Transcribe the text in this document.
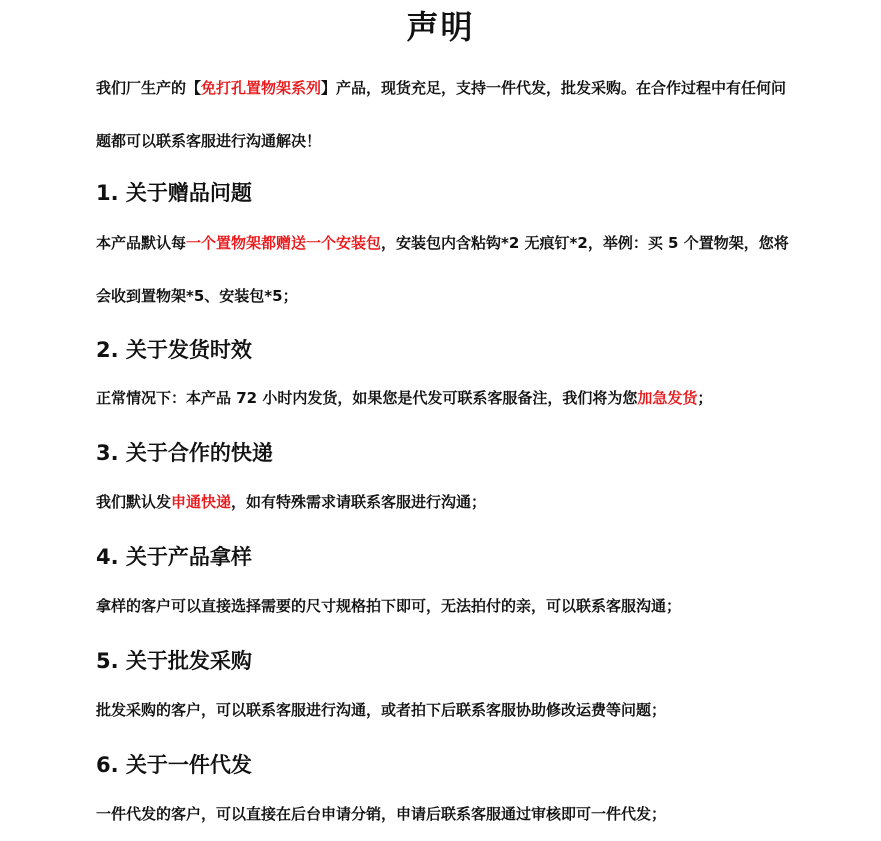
声明

我们厂生产的【免打孔置物架系列】产品，现货充足，支持一件代发，批发采购。在合作过程中有任何问题都可以联系客服进行沟通解决！

1. 关于赠品问题

本产品默认每一个置物架都赠送一个安装包，安装包内含粘钩*2 无痕钉*2，举例：买 5 个置物架，您将会收到置物架*5、安装包*5；

2. 关于发货时效

正常情况下：本产品 72 小时内发货，如果您是代发可联系客服备注，我们将为您加急发货；

3. 关于合作的快递

我们默认发申通快递，如有特殊需求请联系客服进行沟通；

4. 关于产品拿样

拿样的客户可以直接选择需要的尺寸规格拍下即可，无法拍付的亲，可以联系客服沟通；

5. 关于批发采购

批发采购的客户，可以联系客服进行沟通，或者拍下后联系客服协助修改运费等问题；

6. 关于一件代发

一件代发的客户，可以直接在后台申请分销，申请后联系客服通过审核即可一件代发；
